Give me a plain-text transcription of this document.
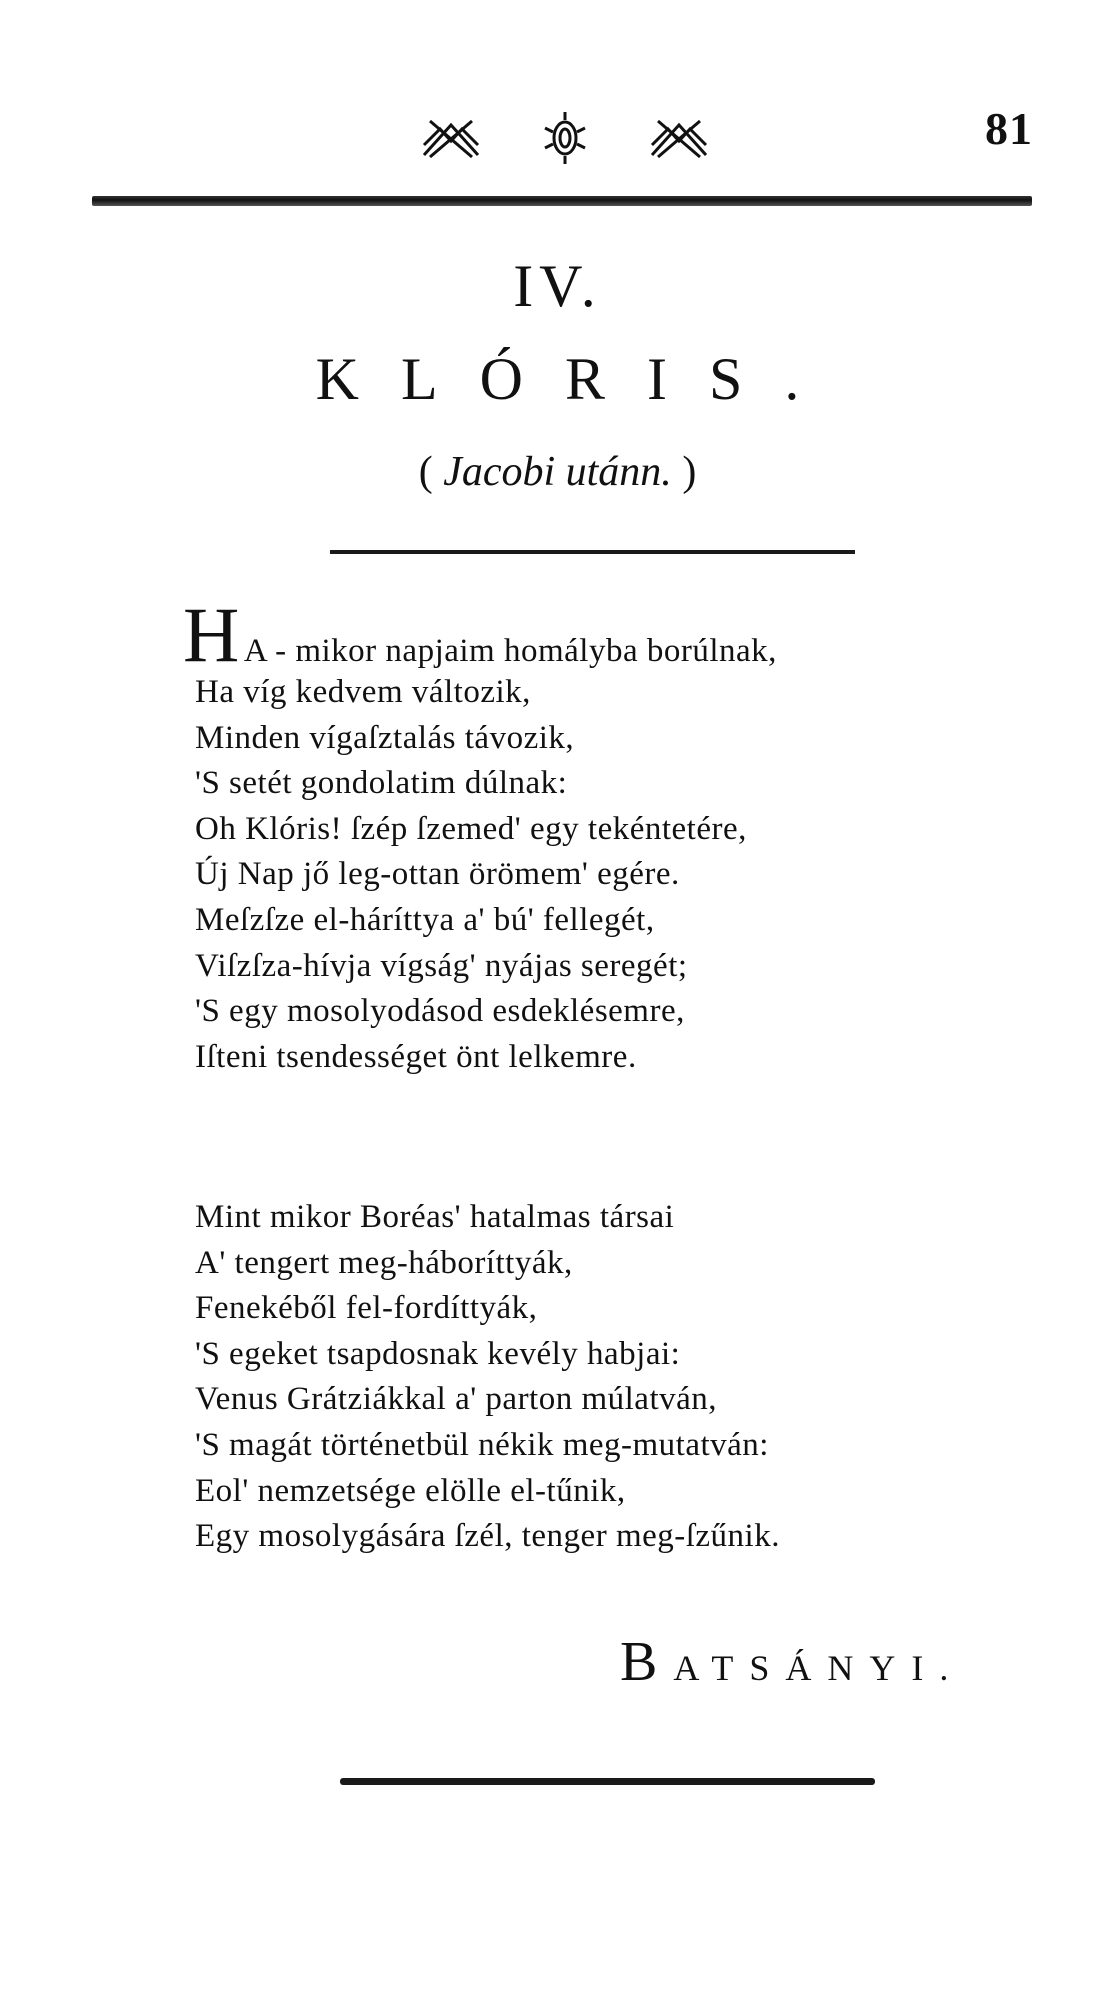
81
IV.
KLÓRIS.
( Jacobi utánn. )
H A - mikor napjaim homályba borúlnak,
Ha víg kedvem változik,
Minden vígaſztalás távozik,
'S setét gondolatim dúlnak:
Oh Klóris! ſzép ſzemed' egy tekéntetére,
Új Nap jő leg-ottan örömem' egére.
Meſzſze el-háríttya a' bú' fellegét,
Viſzſza-hívja vígság' nyájas seregét;
'S egy mosolyodásod esdeklésemre,
Iſteni tsendességet önt lelkemre.
Mint mikor Boréas' hatalmas társai
A' tengert meg-háboríttyák,
Fenekéből fel-fordíttyák,
'S egeket tsapdosnak kevély habjai:
Venus Grátziákkal a' parton múlatván,
'S magát történetbül nékik meg-mutatván:
Eol' nemzetsége elölle el-tűnik,
Egy mosolygására ſzél, tenger meg-ſzűnik.
BATSÁNYI.
